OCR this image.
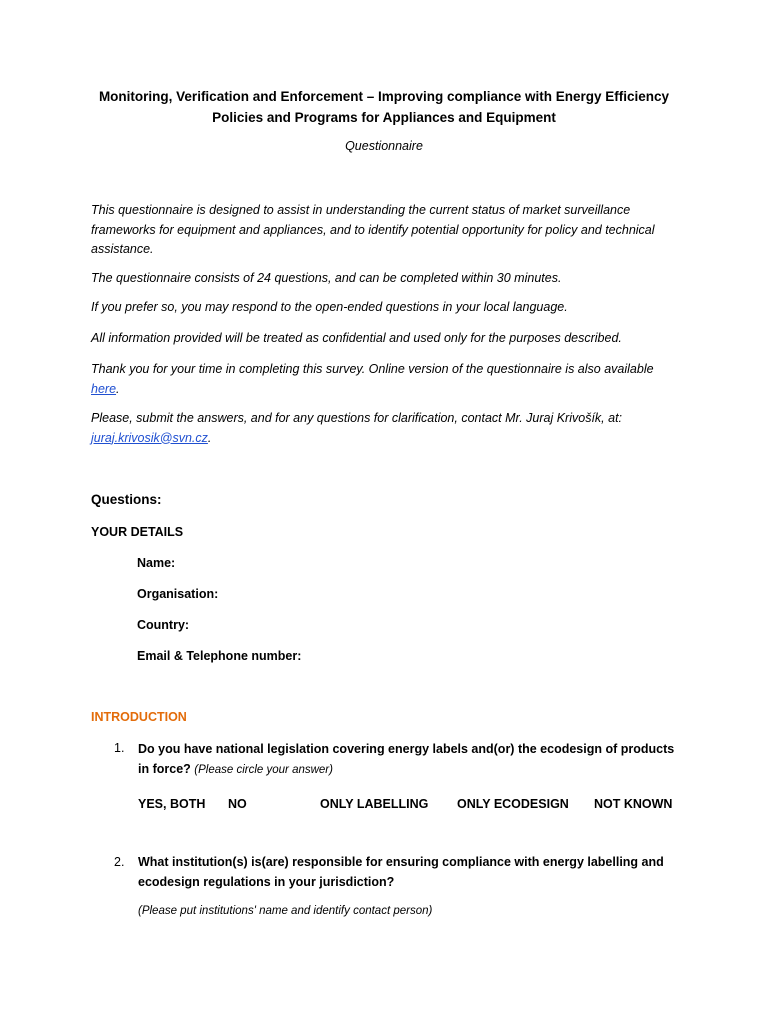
Monitoring, Verification and Enforcement – Improving compliance with Energy Efficiency
Policies and Programs for Appliances and Equipment
Questionnaire
This questionnaire is designed to assist in understanding the current status of market surveillance frameworks for equipment and appliances, and to identify potential opportunity for policy and technical assistance.
The questionnaire consists of 24 questions, and can be completed within 30 minutes.
If you prefer so, you may respond to the open-ended questions in your local language.
All information provided will be treated as confidential and used only for the purposes described.
Thank you for your time in completing this survey. Online version of the questionnaire is also available here.
Please, submit the answers, and for any questions for clarification, contact Mr. Juraj Krivošík, at: juraj.krivosik@svn.cz.
Questions:
YOUR DETAILS
Name:
Organisation:
Country:
Email & Telephone number:
INTRODUCTION
1. Do you have national legislation covering energy labels and(or) the ecodesign of products in force? (Please circle your answer)
YES, BOTH NO	ONLY LABELLING ONLY ECODESIGN NOT KNOWN
2. What institution(s) is(are) responsible for ensuring compliance with energy labelling and ecodesign regulations in your jurisdiction?
(Please put institutions' name and identify contact person)
